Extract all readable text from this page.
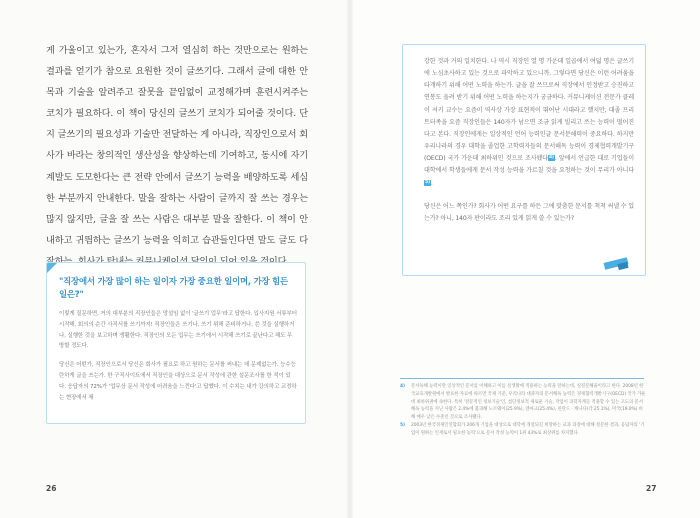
게 가울이고 있는가, 혼자서 그저 열심히 하는 것만으로는 원하는 결과를 얻기가 참으로 요원한 것이 글쓰기다. 그래서 글에 대한 안목과 기술을 알려주고 잘못을 끝임없이 교정해가며 훈련시켜주는 코치가 필요하다. 이 책이 당신의 글쓰기 코치가 되어줄 것이다. 단지 글쓰기의 필요성과 기술만 전달하는 게 아니라, 직장인으로서 회사가 바라는 창의적인 생산성을 향상하는데 기여하고, 동시에 자기계발도 도모한다는 큰 전략 안에서 글쓰기 능력을 배양하도록 세심한 부분까지 안내한다. 말을 잘하는 사람이 글까지 잘 쓰는 경우는 많지 않지만, 글을 잘 쓰는 사람은 대부분 말을 잘한다. 이 책이 안내하고 귀띔하는 글쓰기 능력을 익히고 습관들인다면 말도 글도 다

"직장에서 가장 많이 하는 일이자 가장 중요한 일이며, 가장 힘든 일은?"

이렇게 질문하면, 거의 대부분의 직장인들은 망설임 없이 '글쓰기 업무'라고 답한다. 입사지원 서류부터 시작해, 회의의 순간 사직서를 쓰기까지! 직장인들은 쓰기나, 쓰기 위해 준비하거나, 쓴 것을 실행하거나, 실행한 것을 보고하며 생활한다. 직장인의 모든 업무는 쓰기에서 시작해 쓰기로 끝난다고 해도 무방할 정도다.

당신은 어떤가, 직장인으로서 당신은 회사가 필요로 하고 원하는 문서를 써내는 데 문제없는가. 능수능란하게 글을 쓰는가. 한 구직사이트에서 직장인을 대상으로 문서 작성에 관한 설문조사를 한 적이 있다. 응답자의 72%가 '업무상 문서 작성에 어려움을 느낀다'고 답했다. 이 수치는 내가 강의하고 교정하는 현장에서 체

26

강한 것과 거의 일치한다. 나 역시 직장인 열 명 가운데 일곱에서 여덟 명은 글쓰기에 노심초사하고 있는 것으로 파악하고 있으니까. 그렇다면 당신은 이런 어려움을 타개하기 위해 어떤 노력을 하는가. 글을 잘 쓰므로써 직장에서 인정받고 승진하고 연봉도 올려 받기 위해 어떤 노력을 하는지가 궁금하다. 커뮤니케이션 전문가 클레이 셔키 교수는 요즘이 역사상 가장 표현적이 뛰어난 시대라고 했지만, 대졸 프리트터족을 요즘 직장인들은 140자가 넘으면 조금 읽게 빌리고 쓰는 능력이 떨어진다고 본다. 직장인에게는 일상적인 언어 능력인글 문서문해력이 중요하다. 하지만 우리나라의 경우 대학을 졸업한 고학력자들의 문서해독 능력이 경제협력개발기구(OECD) 국가 가운데 최하위인 것으로 조사됐다4). 앞에서 언급한 대로 기업들이 대학에서 학생들에게 문서 작성 능력을 가르칠 것을 요청하는 것이 무리가 아니다5).

당신은 어느 쪽인가? 회사가 어떤 요구를 하든 그에 맞춤한 문서를 척척 써낼 수 있는가? 아니, 140자 판이라도 조리 있게 읽게 쓸 수 있는가?

4)	문서독해 능력이란 일상적인 문서를 이해하고 이를 실생활에 적용하는 능력을 말하는데, 실질문해율이라고 한다. 2008년 한국교육개발원에서 발표한 자료에 따르면 국제 기준, 우리나라 대졸자의 문서해독 능력은 경제협력개발기구(OECD) 국가 가운데 최하위권에 속한다. 특히 '전문적인 정보기술'인, 첨단정보적 새로운 기술, 작업이 과학자계들 적용할 수 있는 고도의 문서해독 능력을 지닌 사람은 2.4%에 불과해 노르웨이(25.9%), 덴마크(25.4%), 핀란드 · 캐나다(각 25.1%), 미국(19.0%) 비해 매우 낮은 수준인 것으로 조사됐다.
5)	2003년 한국경제인연합회가 206개 기업을 대상으로 대학에 개설되길 희망하는 교과 과정에 대해 설문한 결과, 응답자의 '기업이 원하는 인재로서 필요한 능력'으로 문서 작성 능력이 1위 43%로 최상위를 차지했다.
27
